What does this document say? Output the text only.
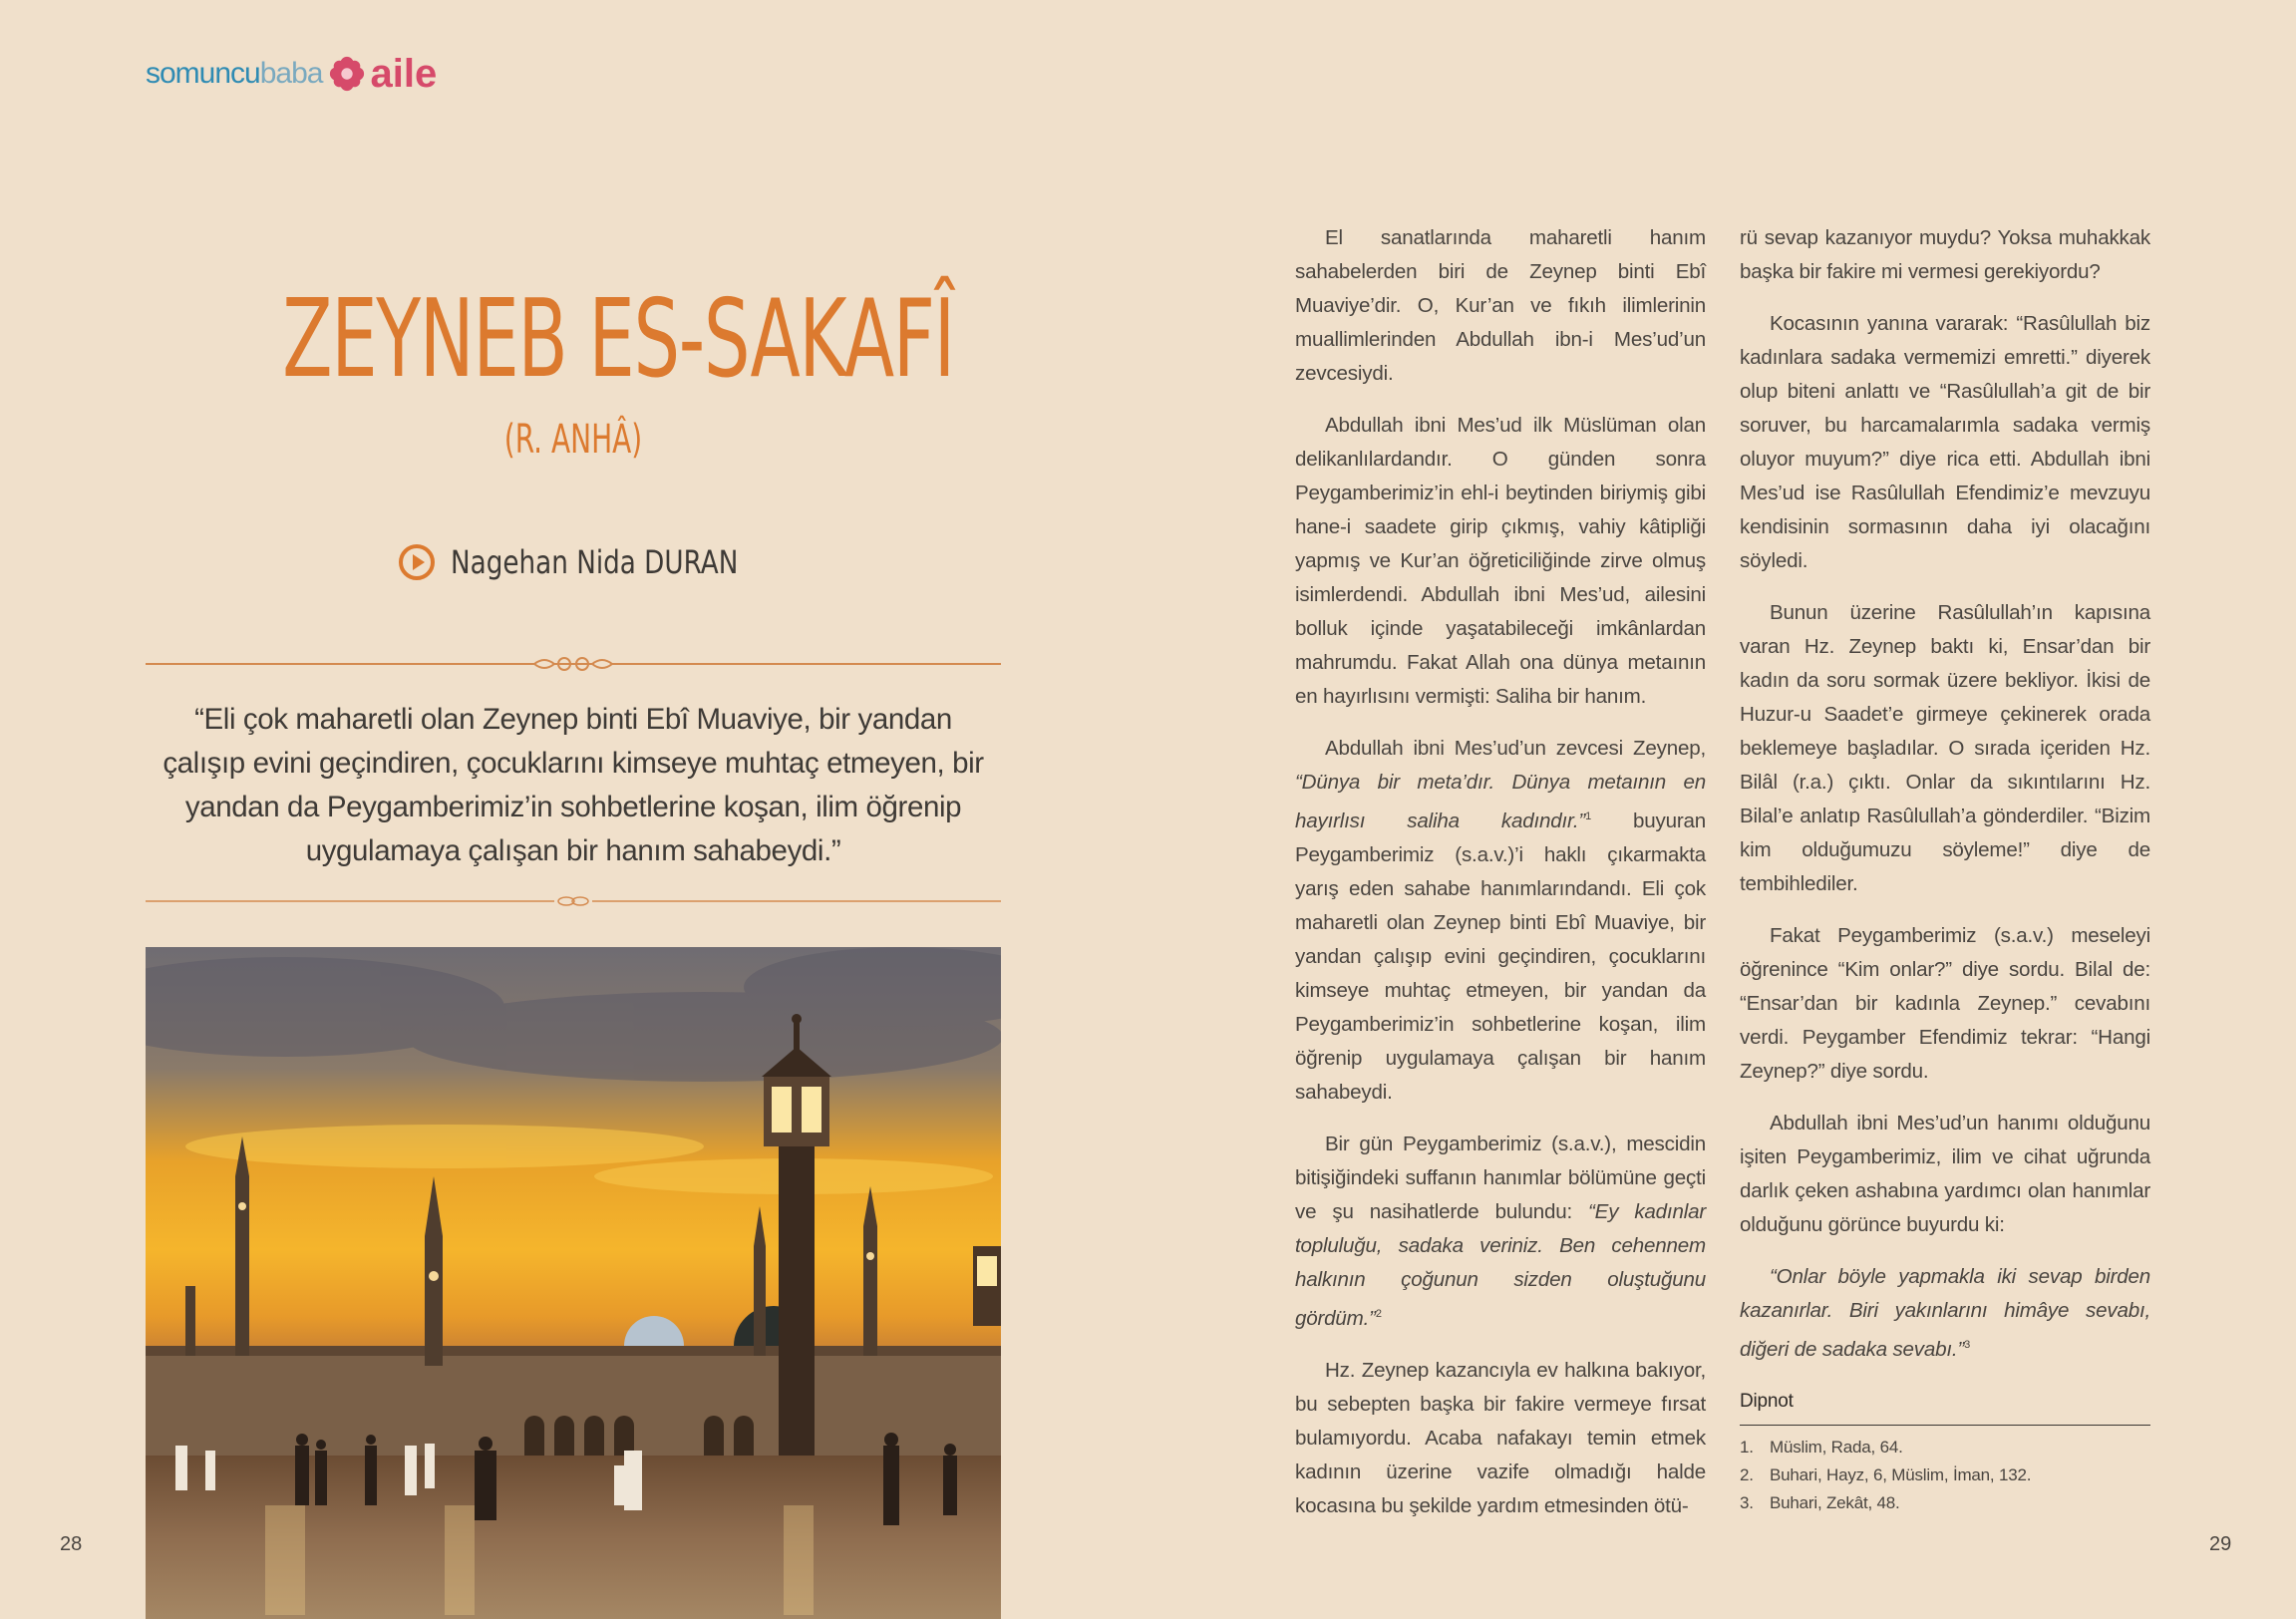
somuncu baba aile
ZEYNEB ES-SAKAFÎ
(R. ANHÂ)
Nagehan Nida DURAN
“Eli çok maharetli olan Zeynep binti Ebî Muaviye, bir yandan çalışıp evini geçindiren, çocuklarını kimseye muhtaç etmeyen, bir yandan da Peygamberimiz’in sohbetlerine koşan, ilim öğrenip uygulamaya çalışan bir hanım sahabeydi.”

El sanatlarında maharetli hanım sahabelerden biri de Zeynep binti Ebî Muaviye’dir. O, Kur’an ve fıkıh ilimlerinin muallimlerinden Abdullah ibn-i Mes’ud’un zevcesiydi.

Abdullah ibni Mes’ud ilk Müslüman olan delikanlılardandır. O günden sonra Peygamberimiz’in ehl-i beytinden biriymiş gibi hane-i saadete girip çıkmış, vahiy kâtipliği yapmış ve Kur’an öğreticiliğinde zirve olmuş isimlerdendi. Abdullah ibni Mes’ud, ailesini bolluk içinde yaşatabileceği imkânlardan mahrumdu. Fakat Allah ona dünya metaının en hayırlısını vermişti: Saliha bir hanım.

Abdullah ibni Mes’ud’un zevcesi Zeynep, “Dünya bir meta’dır. Dünya metaının en hayırlısı saliha kadındır.”$^1$ buyuran Peygamberimiz (s.a.v.)’i haklı çıkarmakta yarış eden sahabe hanımlarındandı. Eli çok maharetli olan Zeynep binti Ebî Muaviye, bir yandan çalışıp evini geçindiren, çocuklarını kimseye muhtaç etmeyen, bir yandan da Peygamberimiz’in sohbetlerine koşan, ilim öğrenip uygulamaya çalışan bir hanım sahabeydi.

Bir gün Peygamberimiz (s.a.v.), mescidin bitişiğindeki suffanın hanımlar bölümüne geçti ve şu nasihatlerde bulundu: “Ey kadınlar topluluğu, sadaka veriniz. Ben cehennem halkının çoğunun sizden oluştuğunu gördüm.”$^2$

Hz. Zeynep kazancıyla ev halkına bakıyor, bu sebepten başka bir fakire vermeye fırsat bulamıyordu. Acaba nafakayı temin etmek kadının üzerine vazife olmadığı halde kocasına bu şekilde yardım etmesinden ötü-

rü sevap kazanıyor muydu? Yoksa muhakkak başka bir fakire mi vermesi gerekiyordu?

Kocasının yanına vararak: “Rasûlullah biz kadınlara sadaka vermemizi emretti.” diyerek olup biteni anlattı ve “Rasûlullah’a git de bir soruver, bu harcamalarımla sadaka vermiş oluyor muyum?” diye rica etti. Abdullah ibni Mes’ud ise Rasûlullah Efendimiz’e mevzuyu kendisinin sormasının daha iyi olacağını söyledi.

Bunun üzerine Rasûlullah’ın kapısına varan Hz. Zeynep baktı ki, Ensar’dan bir kadın da soru sormak üzere bekliyor. İkisi de Huzur-u Saadet’e girmeye çekinerek orada beklemeye başladılar. O sırada içeriden Hz. Bilâl (r.a.) çıktı. Onlar da sıkıntılarını Hz. Bilal’e anlatıp Rasûlullah’a gönderdiler. “Bizim kim olduğumuzu söyleme!” diye de tembihlediler.

Fakat Peygamberimiz (s.a.v.) meseleyi öğrenince “Kim onlar?” diye sordu. Bilal de: “Ensar’dan bir kadınla Zeynep.” cevabını verdi. Peygamber Efendimiz tekrar: “Hangi Zeynep?” diye sordu.

Abdullah ibni Mes’ud’un hanımı olduğunu işiten Peygamberimiz, ilim ve cihat uğrunda darlık çeken ashabına yardımcı olan hanımlar olduğunu görünce buyurdu ki:

“Onlar böyle yapmakla iki sevap birden kazanırlar. Biri yakınlarını himâye sevabı, diğeri de sadaka sevabı.”$^3$

Dipnot
1. Müslim, Rada, 64.
2. Buhari, Hayz, 6, Müslim, İman, 132.
3. Buhari, Zekât, 48.
28	29
